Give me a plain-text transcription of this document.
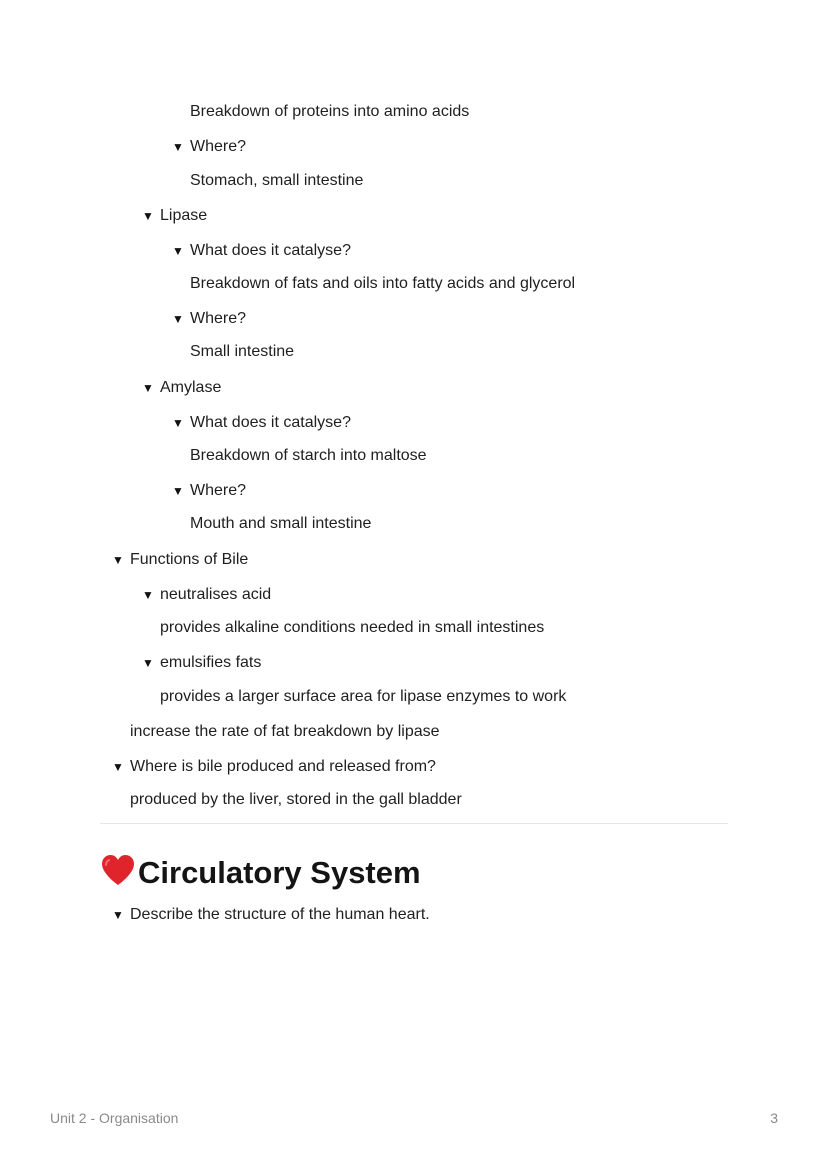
Breakdown of proteins into amino acids
▼ Where?
Stomach, small intestine
▼ Lipase
▼ What does it catalyse?
Breakdown of fats and oils into fatty acids and glycerol
▼ Where?
Small intestine
▼ Amylase
▼ What does it catalyse?
Breakdown of starch into maltose
▼ Where?
Mouth and small intestine
▼ Functions of Bile
▼ neutralises acid
provides alkaline conditions needed in small intestines
▼ emulsifies fats
provides a larger surface area for lipase enzymes to work
increase the rate of fat breakdown by lipase
▼ Where is bile produced and released from?
produced by the liver, stored in the gall bladder
Circulatory System
▼ Describe the structure of the human heart.
Unit 2 - Organisation	3
